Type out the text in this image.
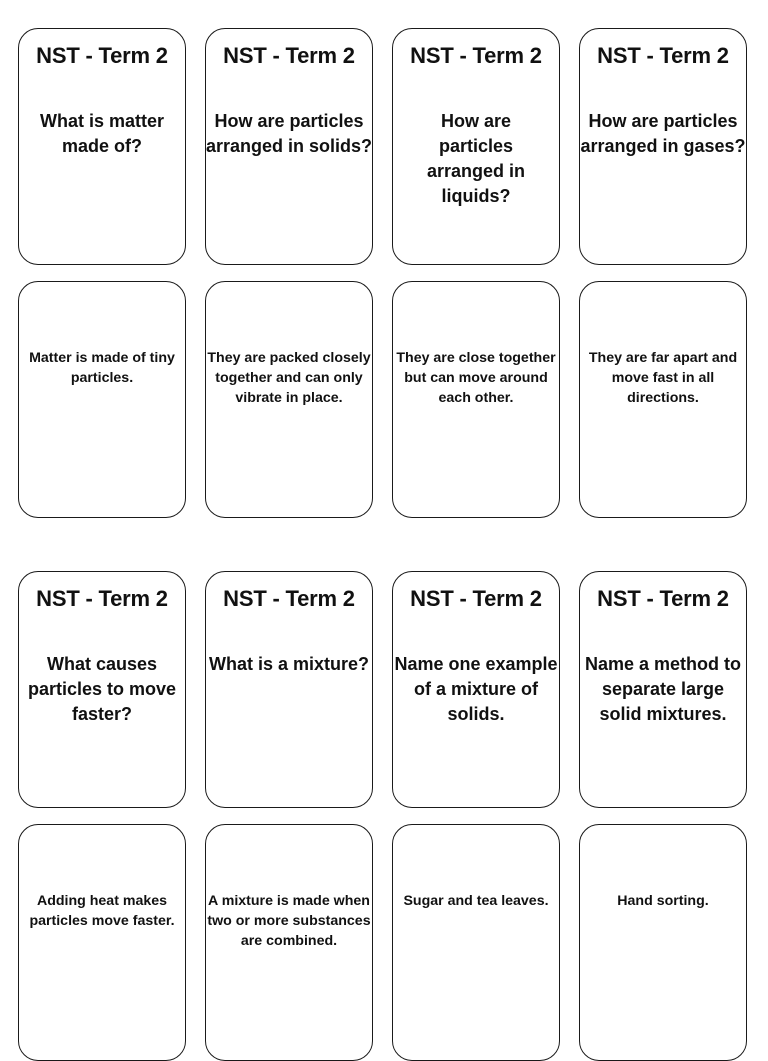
NST - Term 2
What is matter made of?
NST - Term 2
How are particles arranged in solids?
NST - Term 2
How are particles arranged in liquids?
NST - Term 2
How are particles arranged in gases?
Matter is made of tiny particles.
They are packed closely together and can only vibrate in place.
They are close together but can move around each other.
They are far apart and move fast in all directions.
NST - Term 2
What causes particles to move faster?
NST - Term 2
What is a mixture?
NST - Term 2
Name one example of a mixture of solids.
NST - Term 2
Name a method to separate large solid mixtures.
Adding heat makes particles move faster.
A mixture is made when two or more substances are combined.
Sugar and tea leaves.	Hand sorting.
